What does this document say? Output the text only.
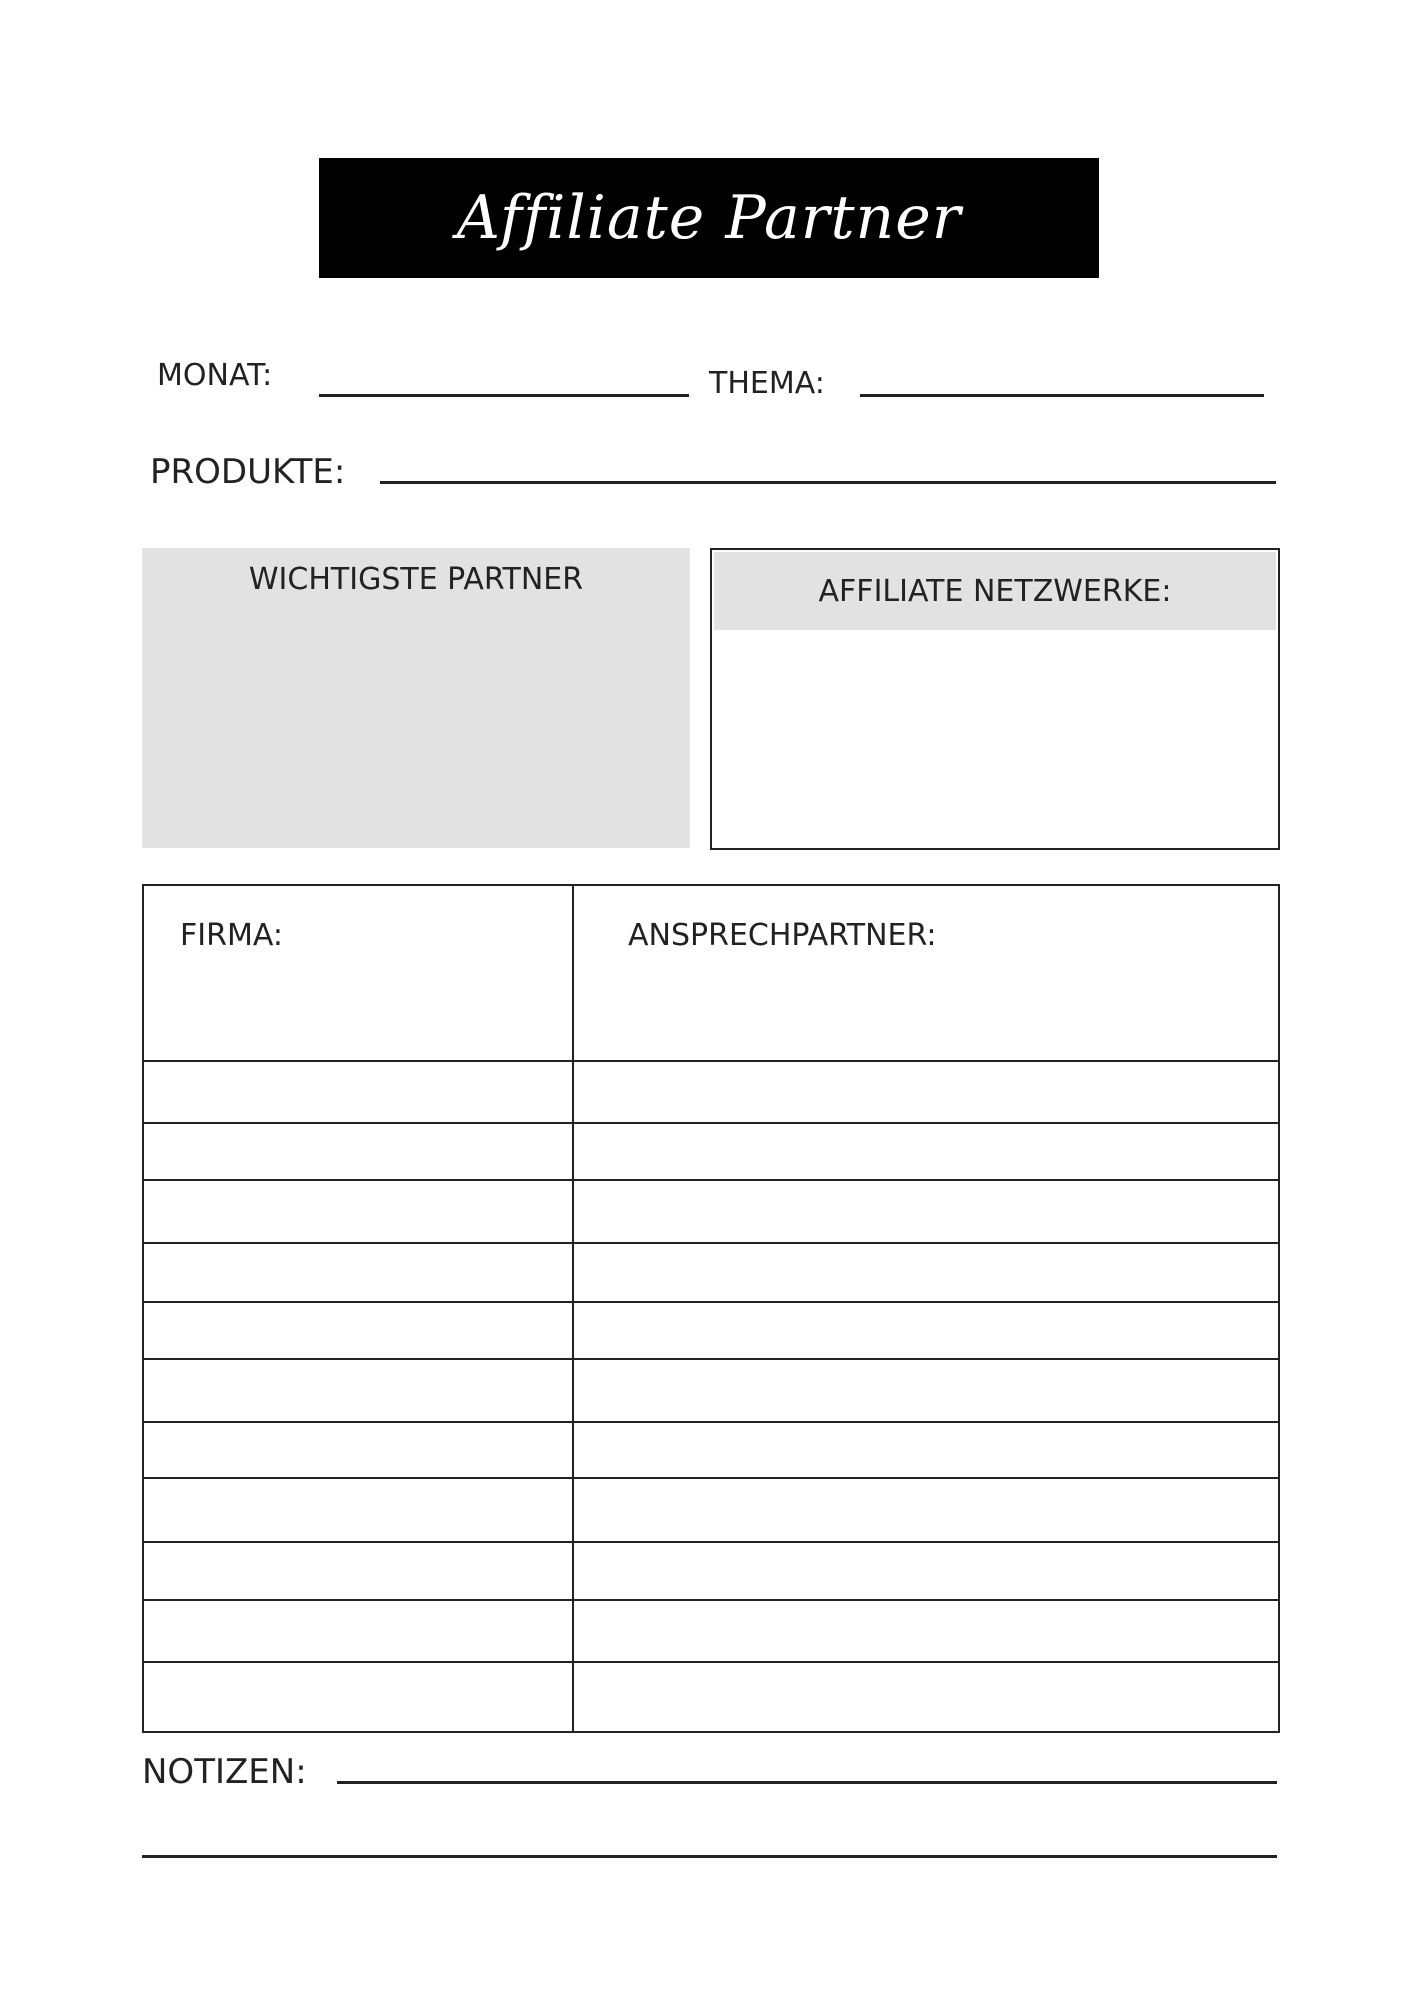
Affiliate Partner
MONAT:	THEMA:
PRODUKTE:
WICHTIGSTE PARTNER	AFFILIATE NETZWERKE:
FIRMA:	ANSPRECHPARTNER:

NOTIZEN:
